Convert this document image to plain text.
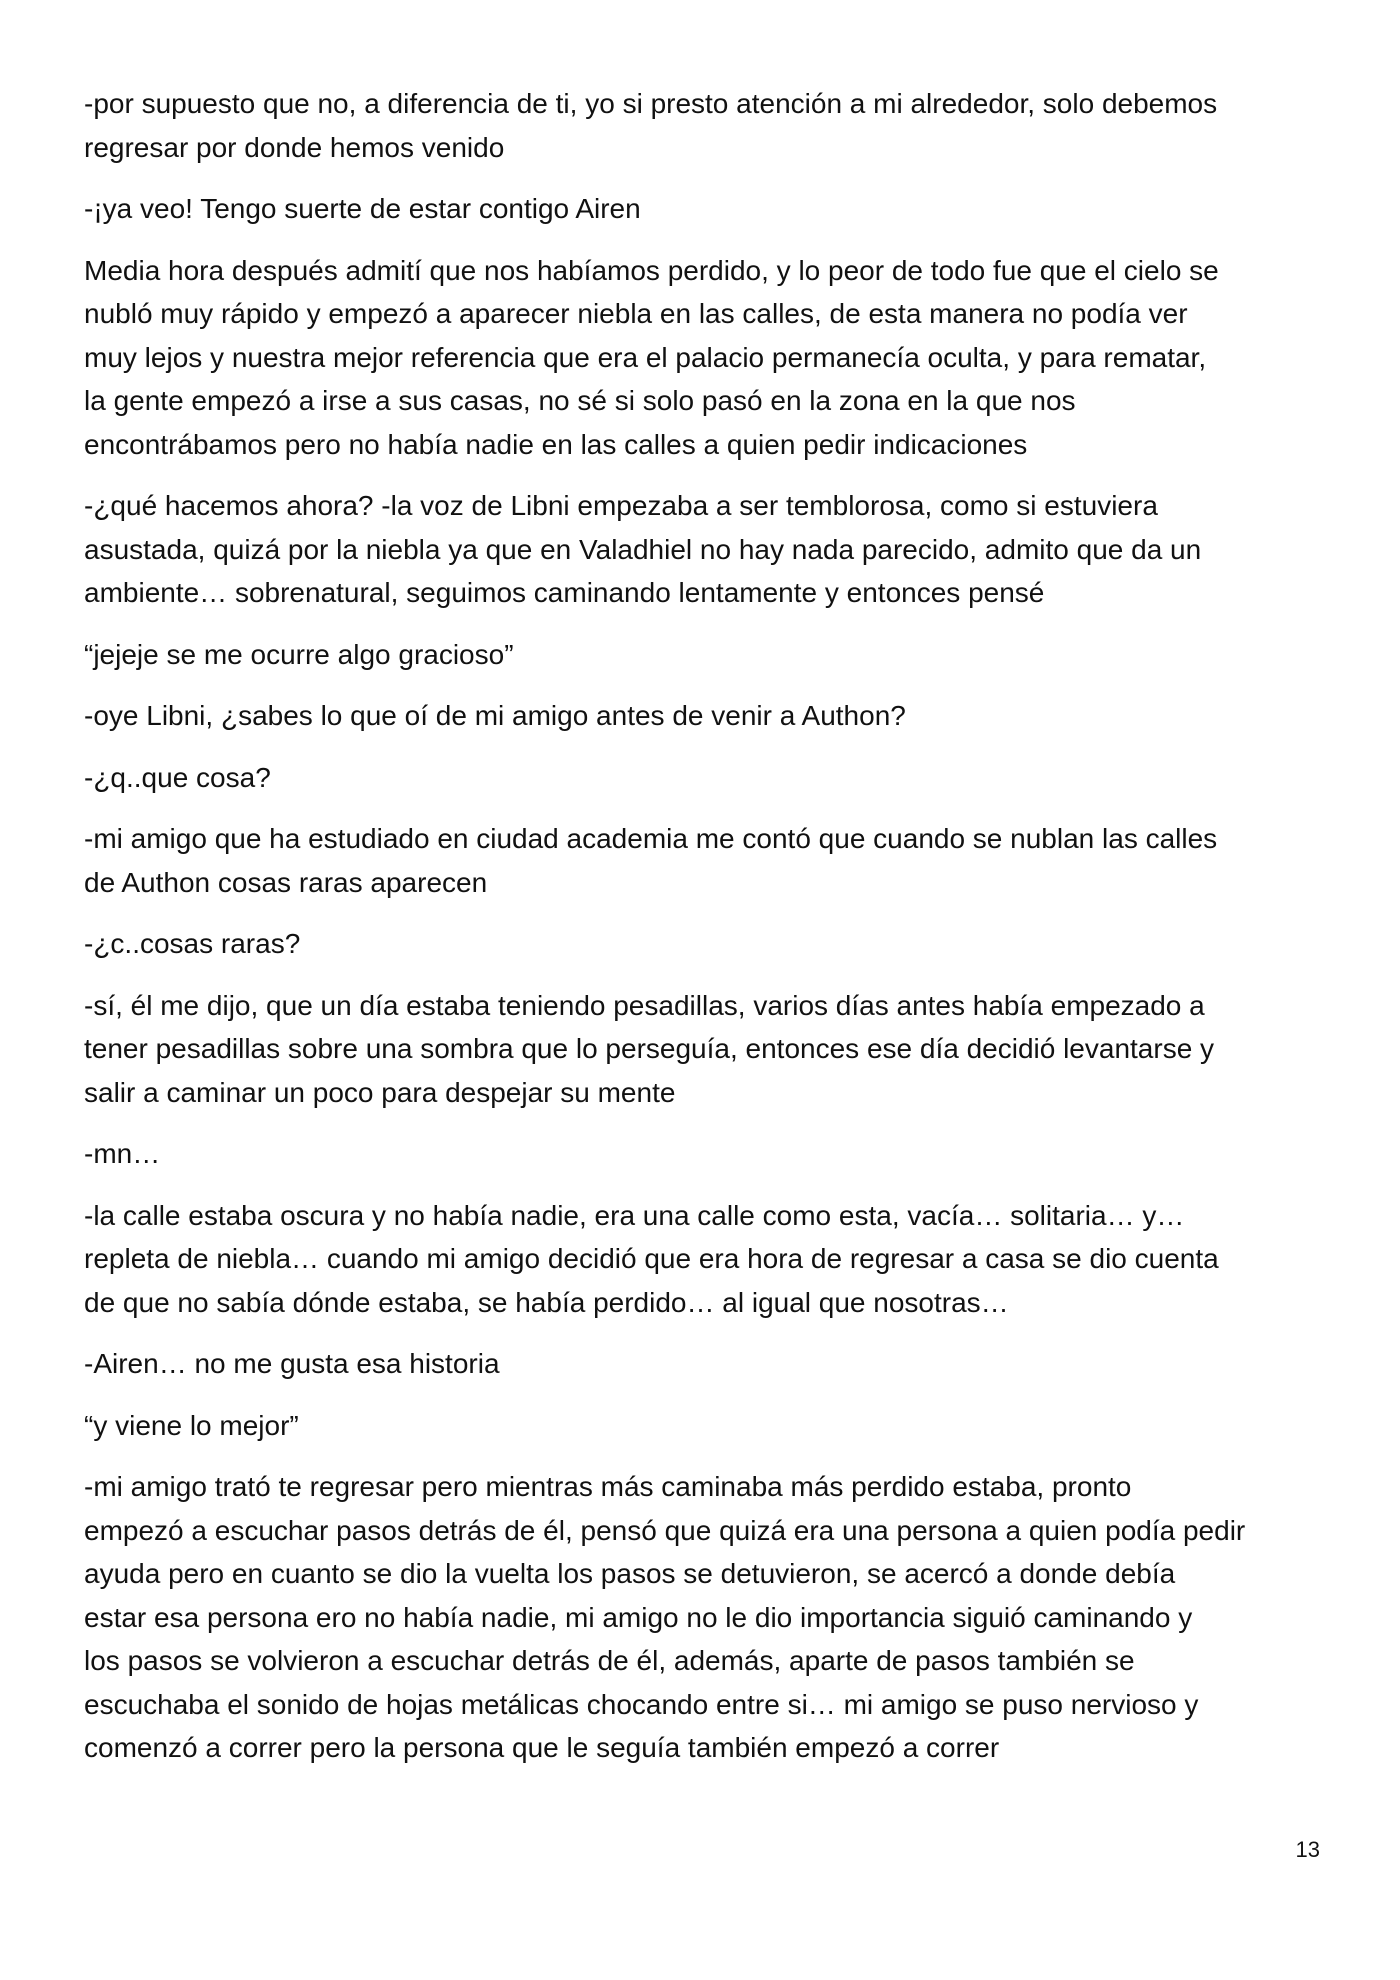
-por supuesto que no, a diferencia de ti, yo si presto atención a mi alrededor, solo debemos
regresar por donde hemos venido

-¡ya veo! Tengo suerte de estar contigo Airen

Media hora después admití que nos habíamos perdido, y lo peor de todo fue que el cielo se
nubló muy rápido y empezó a aparecer niebla en las calles, de esta manera no podía ver
muy lejos y nuestra mejor referencia que era el palacio permanecía oculta, y para rematar,
la gente empezó a irse a sus casas, no sé si solo pasó en la zona en la que nos
encontrábamos pero no había nadie en las calles a quien pedir indicaciones

-¿qué hacemos ahora? -la voz de Libni empezaba a ser temblorosa, como si estuviera
asustada, quizá por la niebla ya que en Valadhiel no hay nada parecido, admito que da un
ambiente… sobrenatural, seguimos caminando lentamente y entonces pensé

“jejeje se me ocurre algo gracioso”

-oye Libni, ¿sabes lo que oí de mi amigo antes de venir a Authon?

-¿q..que cosa?

-mi amigo que ha estudiado en ciudad academia me contó que cuando se nublan las calles
de Authon cosas raras aparecen

-¿c..cosas raras?

-sí, él me dijo, que un día estaba teniendo pesadillas, varios días antes había empezado a
tener pesadillas sobre una sombra que lo perseguía, entonces ese día decidió levantarse y
salir a caminar un poco para despejar su mente

-mn…

-la calle estaba oscura y no había nadie, era una calle como esta, vacía… solitaria… y…
repleta de niebla… cuando mi amigo decidió que era hora de regresar a casa se dio cuenta
de que no sabía dónde estaba, se había perdido… al igual que nosotras…

-Airen… no me gusta esa historia

“y viene lo mejor”

-mi amigo trató te regresar pero mientras más caminaba más perdido estaba, pronto
empezó a escuchar pasos detrás de él, pensó que quizá era una persona a quien podía pedir
ayuda pero en cuanto se dio la vuelta los pasos se detuvieron, se acercó a donde debía
estar esa persona ero no había nadie, mi amigo no le dio importancia siguió caminando y
los pasos se volvieron a escuchar detrás de él, además, aparte de pasos también se
escuchaba el sonido de hojas metálicas chocando entre si… mi amigo se puso nervioso y
comenzó a correr pero la persona que le seguía también empezó a correr

13
